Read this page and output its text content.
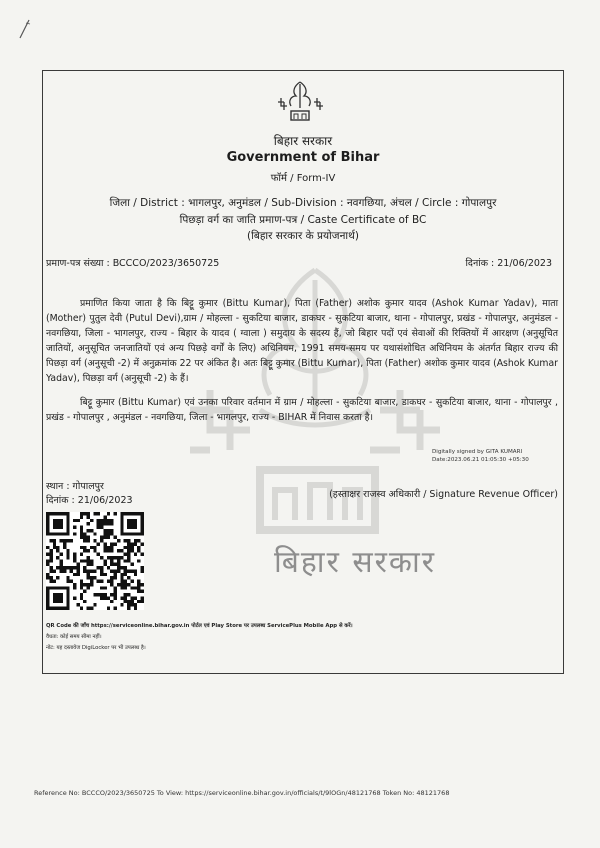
बिहार सरकार
बिहार सरकार
Government of Bihar
फॉर्म / Form-IV
जिला / District : भागलपुर, अनुमंडल / Sub-Division : नवगछिया, अंचल / Circle : गोपालपुर
पिछड़ा वर्ग का जाति प्रमाण-पत्र / Caste Certificate of BC
(बिहार सरकार के प्रयोजनार्थ)
प्रमाण-पत्र संख्या : BCCCO/2023/3650725	दिनांक : 21/06/2023

प्रमाणित किया जाता है कि बिट्टू कुमार (Bittu Kumar), पिता (Father) अशोक कुमार यादव (Ashok Kumar Yadav), माता (Mother) पुतुल देवी (Putul Devi),ग्राम / मोहल्ला - सुकटिया बाजार, डाकघर - सुकटिया बाजार, थाना - गोपालपुर, प्रखंड - गोपालपुर, अनुमंडल - नवगछिया, जिला - भागलपुर, राज्य - बिहार के यादव ( ग्वाला ) समुदाय के सदस्य हैं, जो बिहार पदों एवं सेवाओं की रिक्तियों में आरक्षण (अनुसूचित जातियों, अनुसूचित जनजातियों एवं अन्य पिछड़े वर्गों के लिए) अधिनियम, 1991 समय-समय पर यथासंशोधित अधिनियम के अंतर्गत बिहार राज्य की पिछड़ा वर्ग (अनुसूची -2) में अनुक्रमांक 22 पर अंकित है। अतः बिट्टू कुमार (Bittu Kumar), पिता (Father) अशोक कुमार यादव (Ashok Kumar Yadav), पिछड़ा वर्ग (अनुसूची -2) के हैं।

बिट्टू कुमार (Bittu Kumar) एवं उनका परिवार वर्तमान में ग्राम / मोहल्ला - सुकटिया बाजार, डाकघर - सुकटिया बाजार, थाना - गोपालपुर , प्रखंड - गोपालपुर , अनुमंडल - नवगछिया, जिला - भागलपुर, राज्य - BIHAR में निवास करता है।

Digitally signed by GITA KUMARI
Date:2023.06.21 01:05:30 +05:30
स्थान : गोपालपुर
दिनांक : 21/06/2023
(हस्ताक्षर राजस्व अधिकारी / Signature Revenue Officer)
QR Code की जाँच https://serviceonline.bihar.gov.in पोर्टल एवं Play Store पर उपलब्ध ServicePlus Mobile App से करें।
वैधता: कोई समय सीमा नहीं।
नोट: यह दस्तावेज DigiLocker पर भी उपलब्ध है।
Reference No: BCCCO/2023/3650725 To View: https://serviceonline.bihar.gov.in/officials/t/9lOGn/48121768 Token No: 48121768
